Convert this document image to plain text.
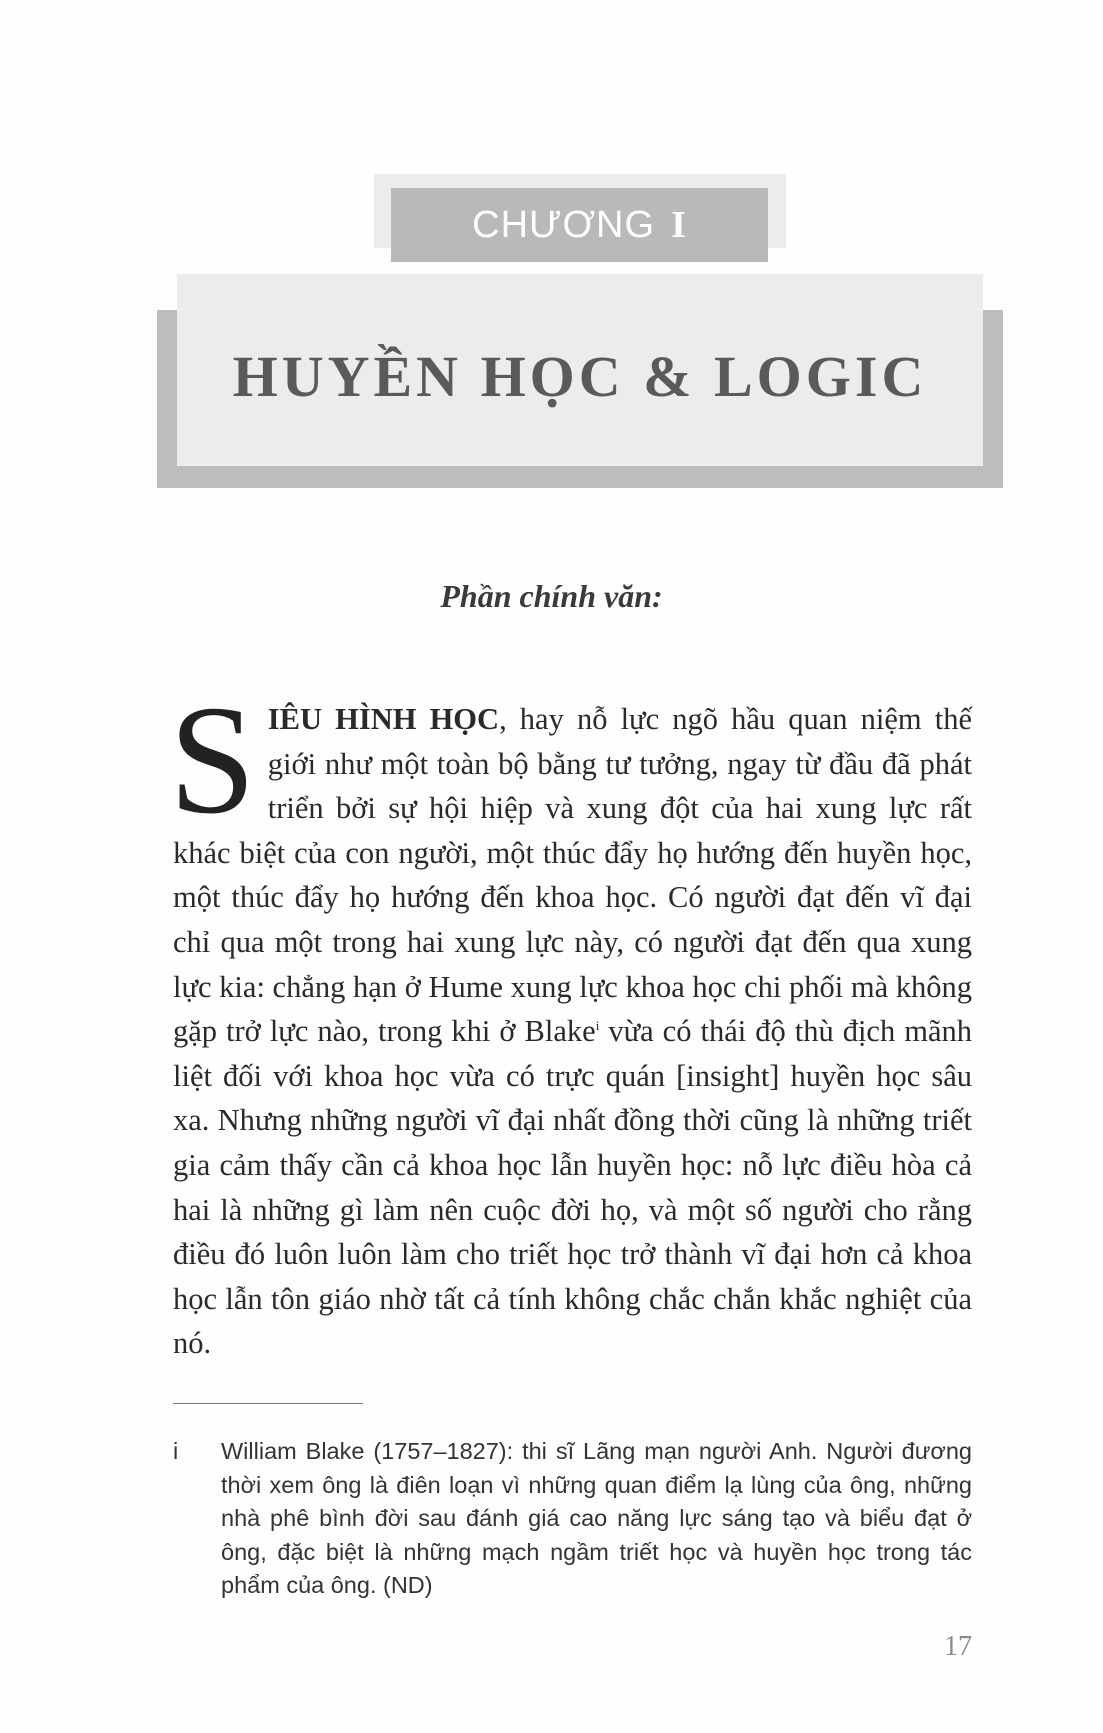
CHƯƠNG I
HUYỀN HỌC & LOGIC
Phần chính văn:
SIÊU HÌNH HỌC, hay nỗ lực ngõ hầu quan niệm thế giới như một toàn bộ bằng tư tưởng, ngay từ đầu đã phát triển bởi sự hội hiệp và xung đột của hai xung lực rất khác biệt của con người, một thúc đẩy họ hướng đến huyền học, một thúc đẩy họ hướng đến khoa học. Có người đạt đến vĩ đại chỉ qua một trong hai xung lực này, có người đạt đến qua xung lực kia: chẳng hạn ở Hume xung lực khoa học chi phối mà không gặp trở lực nào, trong khi ở Blake$^i$ vừa có thái độ thù địch mãnh liệt đối với khoa học vừa có trực quán [insight] huyền học sâu xa. Nhưng những người vĩ đại nhất đồng thời cũng là những triết gia cảm thấy cần cả khoa học lẫn huyền học: nỗ lực điều hòa cả hai là những gì làm nên cuộc đời họ, và một số người cho rằng điều đó luôn luôn làm cho triết học trở thành vĩ đại hơn cả khoa học lẫn tôn giáo nhờ tất cả tính không chắc chắn khắc nghiệt của nó.
i	William Blake (1757–1827): thi sĩ Lãng mạn người Anh. Người đương thời xem ông là điên loạn vì những quan điểm lạ lùng của ông, những nhà phê bình đời sau đánh giá cao năng lực sáng tạo và biểu đạt ở ông, đặc biệt là những mạch ngầm triết học và huyền học trong tác phẩm của ông. (ND)
17
